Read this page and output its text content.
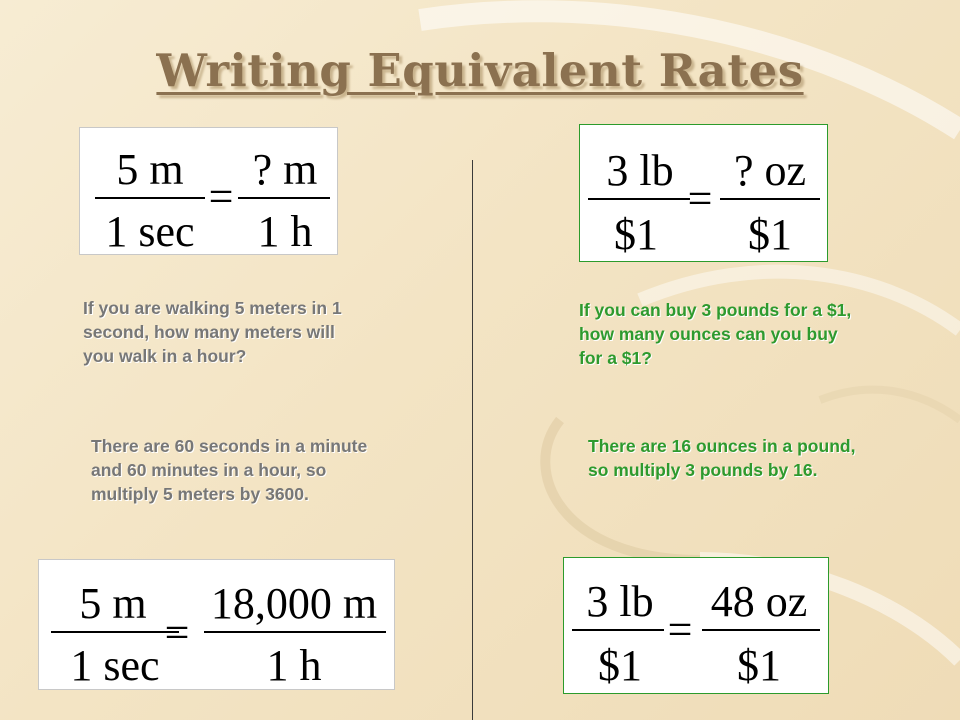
Writing Equivalent Rates
5 m
1 sec
=
? m
1 h
If you are walking 5 meters in 1 second, how many meters will you walk in a hour?
There are 60 seconds in a minute and 60 minutes in a hour, so multiply 5 meters by 3600.
5 m
1 sec
=
18,000 m
1 h
3 lb
$1
=
? oz
$1
If you can buy 3 pounds for a $1, how many ounces can you buy for a $1?
There are 16 ounces in a pound, so multiply 3 pounds by 16.
3 lb
$1
=
48 oz
$1
